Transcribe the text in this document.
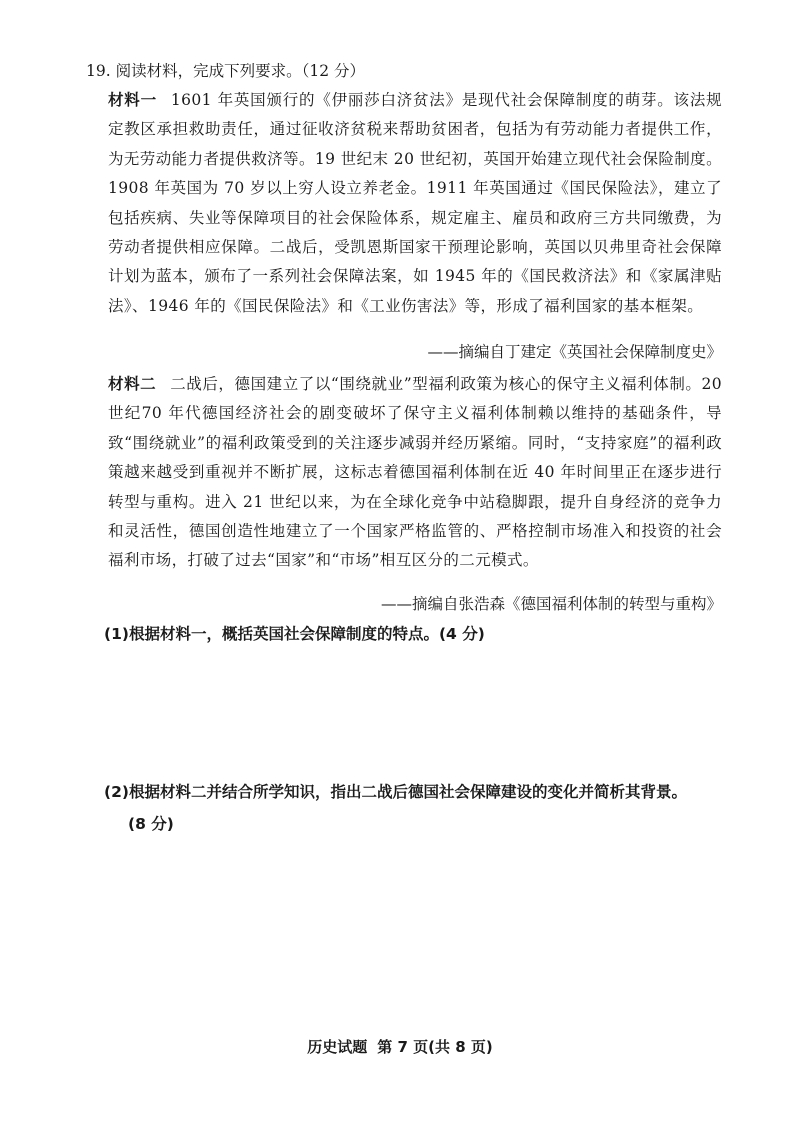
19. 阅读材料，完成下列要求。（12 分）
材料一 1601 年英国颁行的《伊丽莎白济贫法》是现代社会保障制度的萌芽。该法规定教区承担救助责任，通过征收济贫税来帮助贫困者，包括为有劳动能力者提供工作，为无劳动能力者提供救济等。19 世纪末 20 世纪初，英国开始建立现代社会保险制度。1908 年英国为 70 岁以上穷人设立养老金。1911 年英国通过《国民保险法》，建立了包括疾病、失业等保障项目的社会保险体系，规定雇主、雇员和政府三方共同缴费，为劳动者提供相应保障。二战后，受凯恩斯国家干预理论影响，英国以贝弗里奇社会保障计划为蓝本，颁布了一系列社会保障法案，如 1945 年的《国民救济法》和《家属津贴法》、1946 年的《国民保险法》和《工业伤害法》等，形成了福利国家的基本框架。
——摘编自丁建定《英国社会保障制度史》
材料二 二战后，德国建立了以“围绕就业”型福利政策为核心的保守主义福利体制。20 世纪70 年代德国经济社会的剧变破坏了保守主义福利体制赖以维持的基础条件，导致“围绕就业”的福利政策受到的关注逐步减弱并经历紧缩。同时，“支持家庭”的福利政策越来越受到重视并不断扩展，这标志着德国福利体制在近 40 年时间里正在逐步进行转型与重构。进入 21 世纪以来，为在全球化竞争中站稳脚跟，提升自身经济的竞争力和灵活性，德国创造性地建立了一个国家严格监管的、严格控制市场准入和投资的社会福利市场，打破了过去“国家”和“市场”相互区分的二元模式。
——摘编自张浩森《德国福利体制的转型与重构》
(1)根据材料一，概括英国社会保障制度的特点。(4 分)
(2)根据材料二并结合所学知识，指出二战后德国社会保障建设的变化并简析其背景。
(8 分)
历史试题 第 7 页(共 8 页)
